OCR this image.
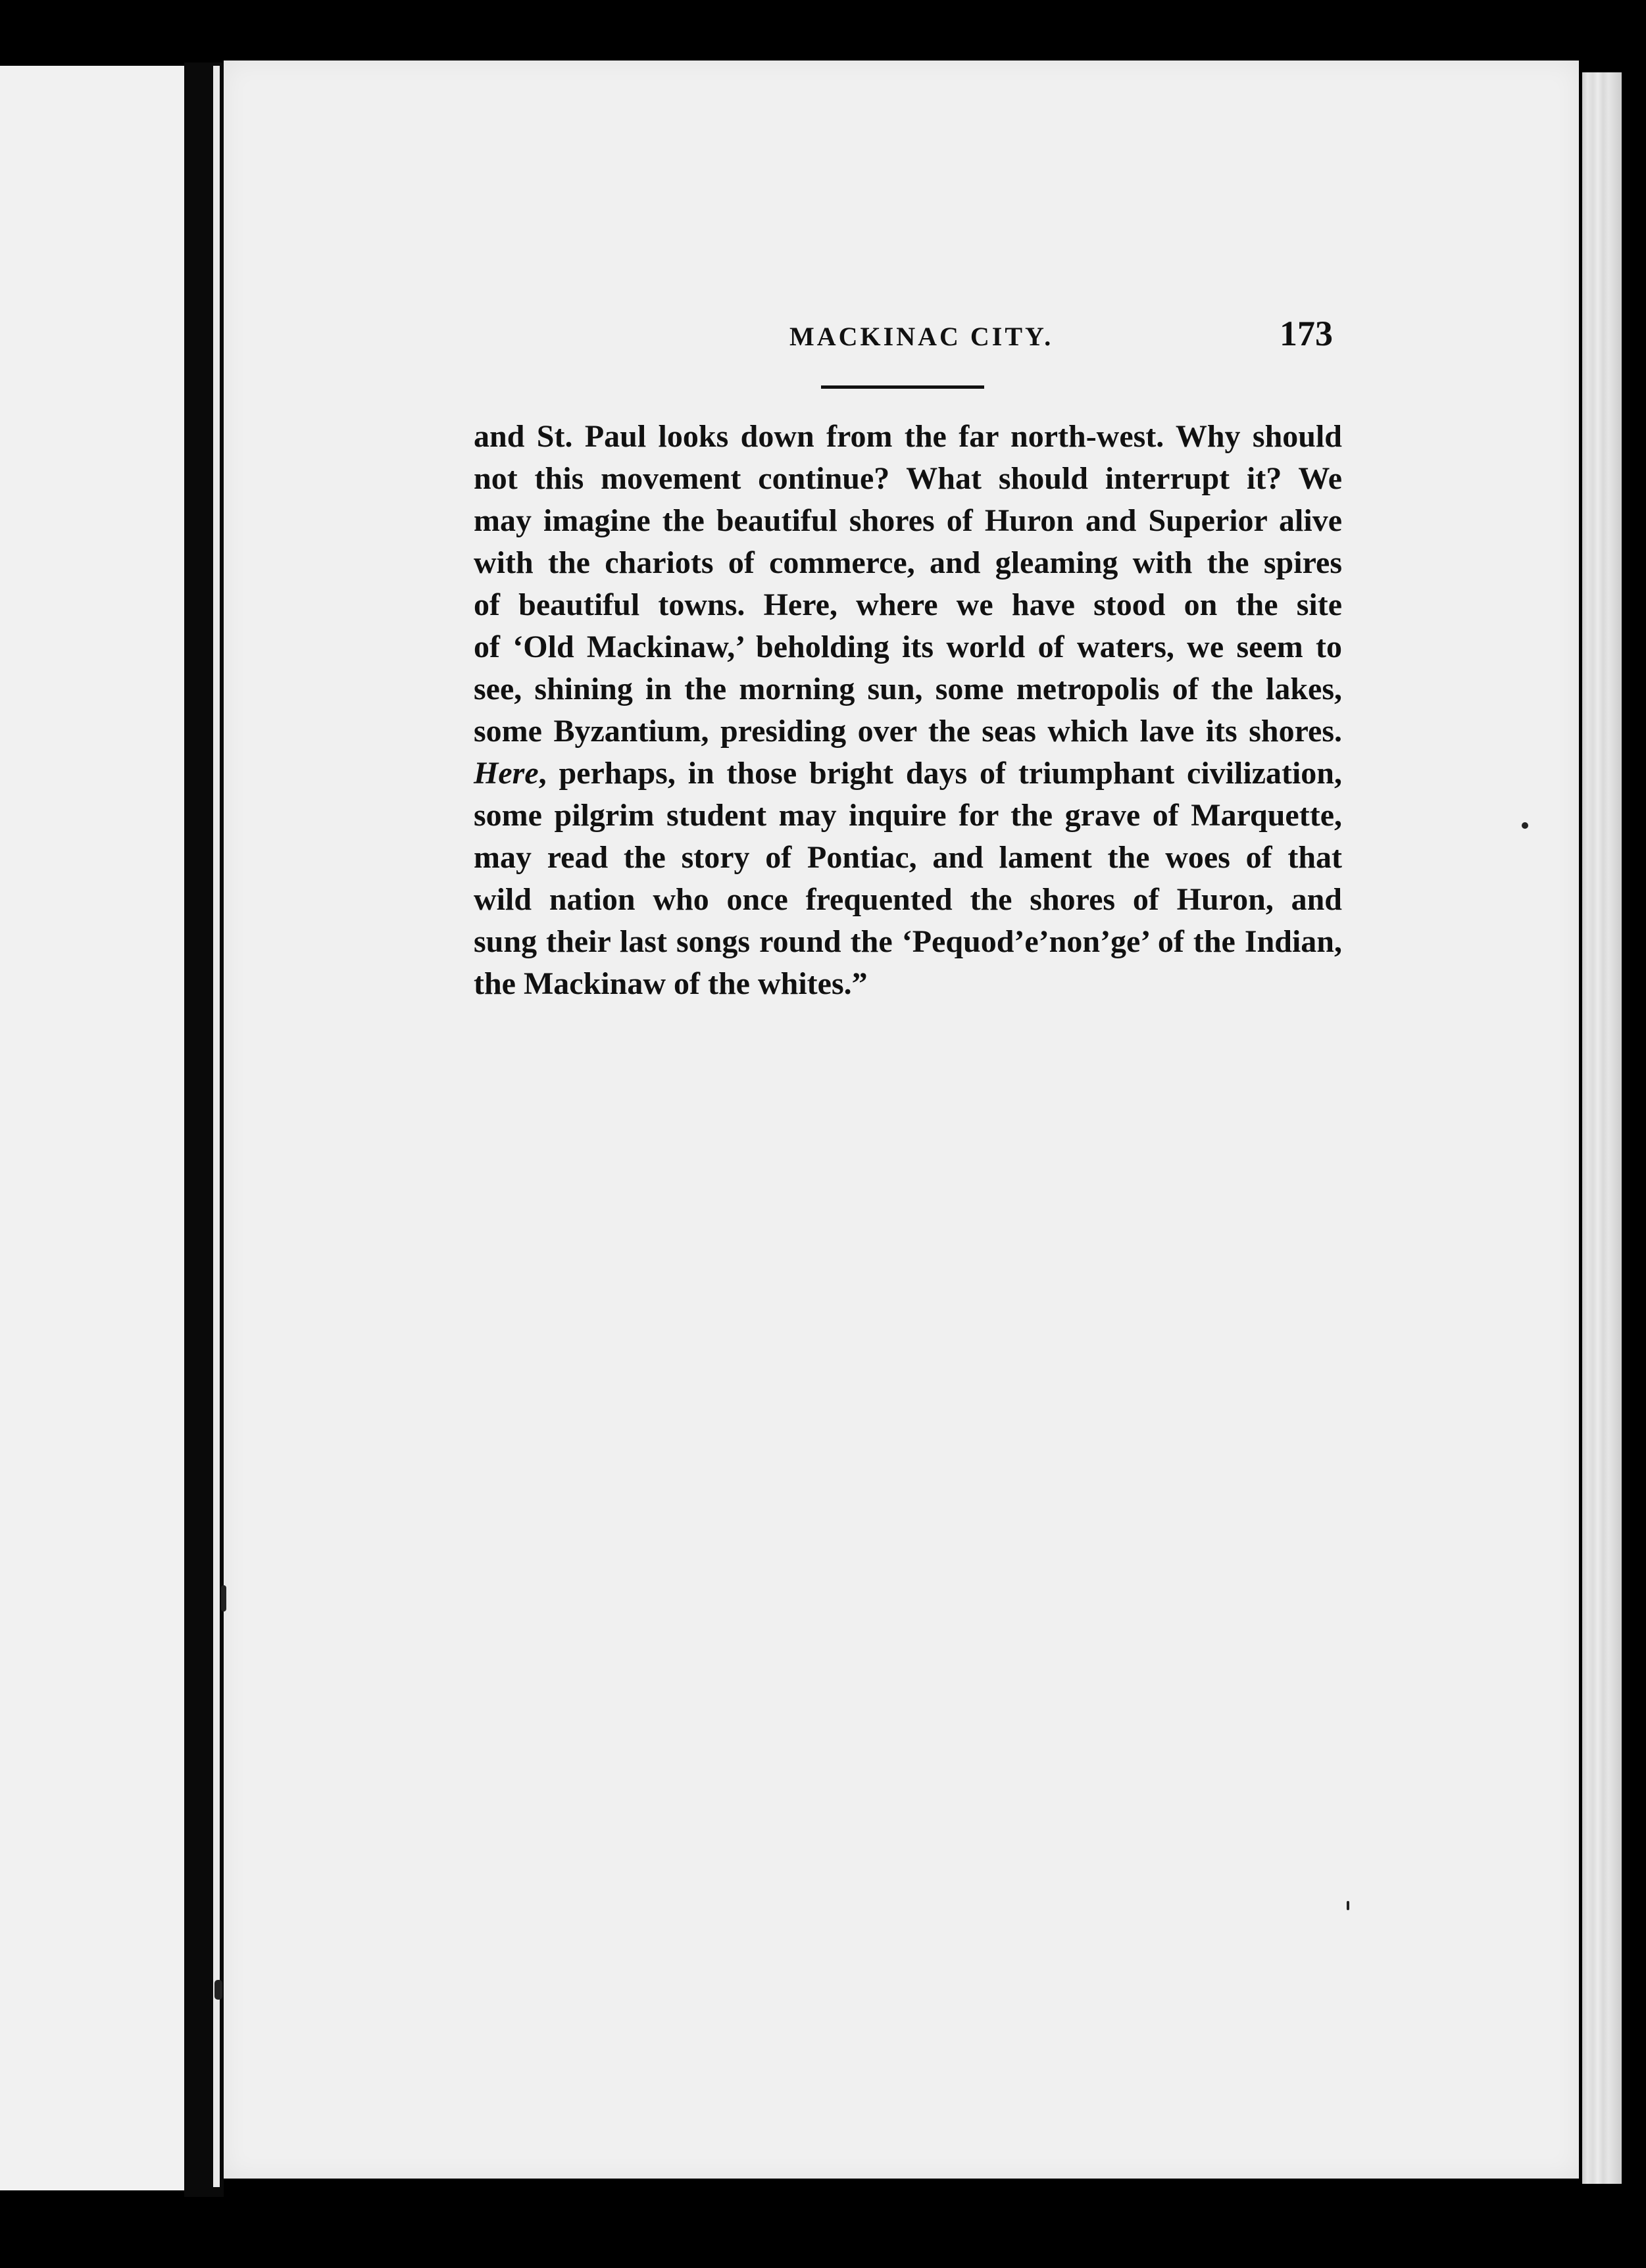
MACKINAC CITY.	173
and St. Paul looks down from the far north-west. Why should
not this movement continue? What should interrupt it? We
may imagine the beautiful shores of Huron and Superior alive
with the chariots of commerce, and gleaming with the spires
of beautiful towns. Here, where we have stood on the site
of ‘Old Mackinaw,’ beholding its world of waters, we seem to
see, shining in the morning sun, some metropolis of the lakes,
some Byzantium, presiding over the seas which lave its shores.
Here, perhaps, in those bright days of triumphant civilization,
some pilgrim student may inquire for the grave of Marquette,
may read the story of Pontiac, and lament the woes of that
wild nation who once frequented the shores of Huron, and
sung their last songs round the ‘Pequod’e’non’ge’ of the Indian,
the Mackinaw of the whites.”
